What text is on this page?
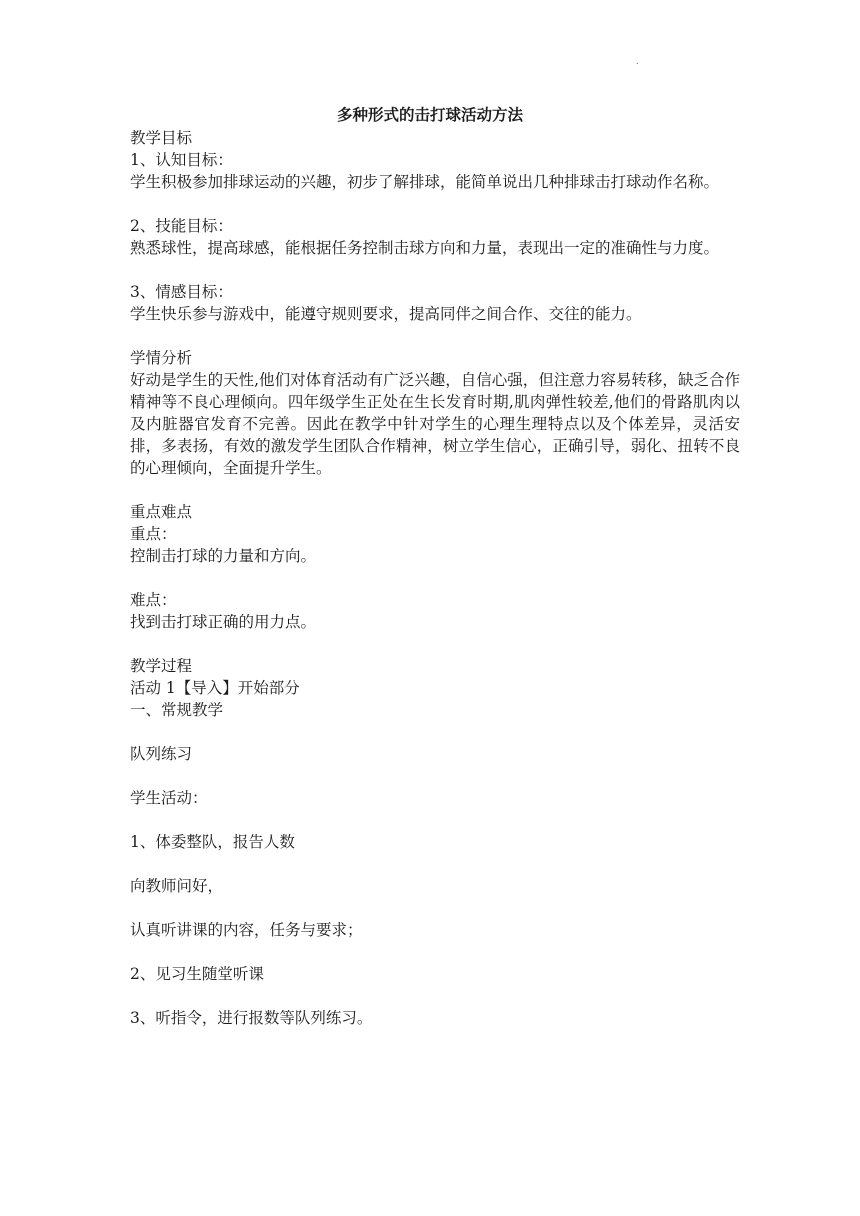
.
多种形式的击打球活动方法
教学目标
1、认知目标：
学生积极参加排球运动的兴趣，初步了解排球，能简单说出几种排球击打球动作名称。
2、技能目标：
熟悉球性，提高球感，能根据任务控制击球方向和力量，表现出一定的准确性与力度。
3、情感目标：
学生快乐参与游戏中，能遵守规则要求，提高同伴之间合作、交往的能力。
学情分析
好动是学生的天性,他们对体育活动有广泛兴趣，自信心强，但注意力容易转移，缺乏合作精神等不良心理倾向。四年级学生正处在生长发育时期,肌肉弹性较差,他们的骨路肌肉以及内脏器官发育不完善。因此在教学中针对学生的心理生理特点以及个体差异，灵活安排，多表扬，有效的激发学生团队合作精神，树立学生信心，正确引导，弱化、扭转不良的心理倾向，全面提升学生。
重点难点
重点：
控制击打球的力量和方向。
难点：
找到击打球正确的用力点。
教学过程
活动 1【导入】开始部分
一、常规教学
队列练习
学生活动：
1、体委整队，报告人数
向教师问好，
认真听讲课的内容，任务与要求；
2、见习生随堂听课
3、听指令，进行报数等队列练习。
